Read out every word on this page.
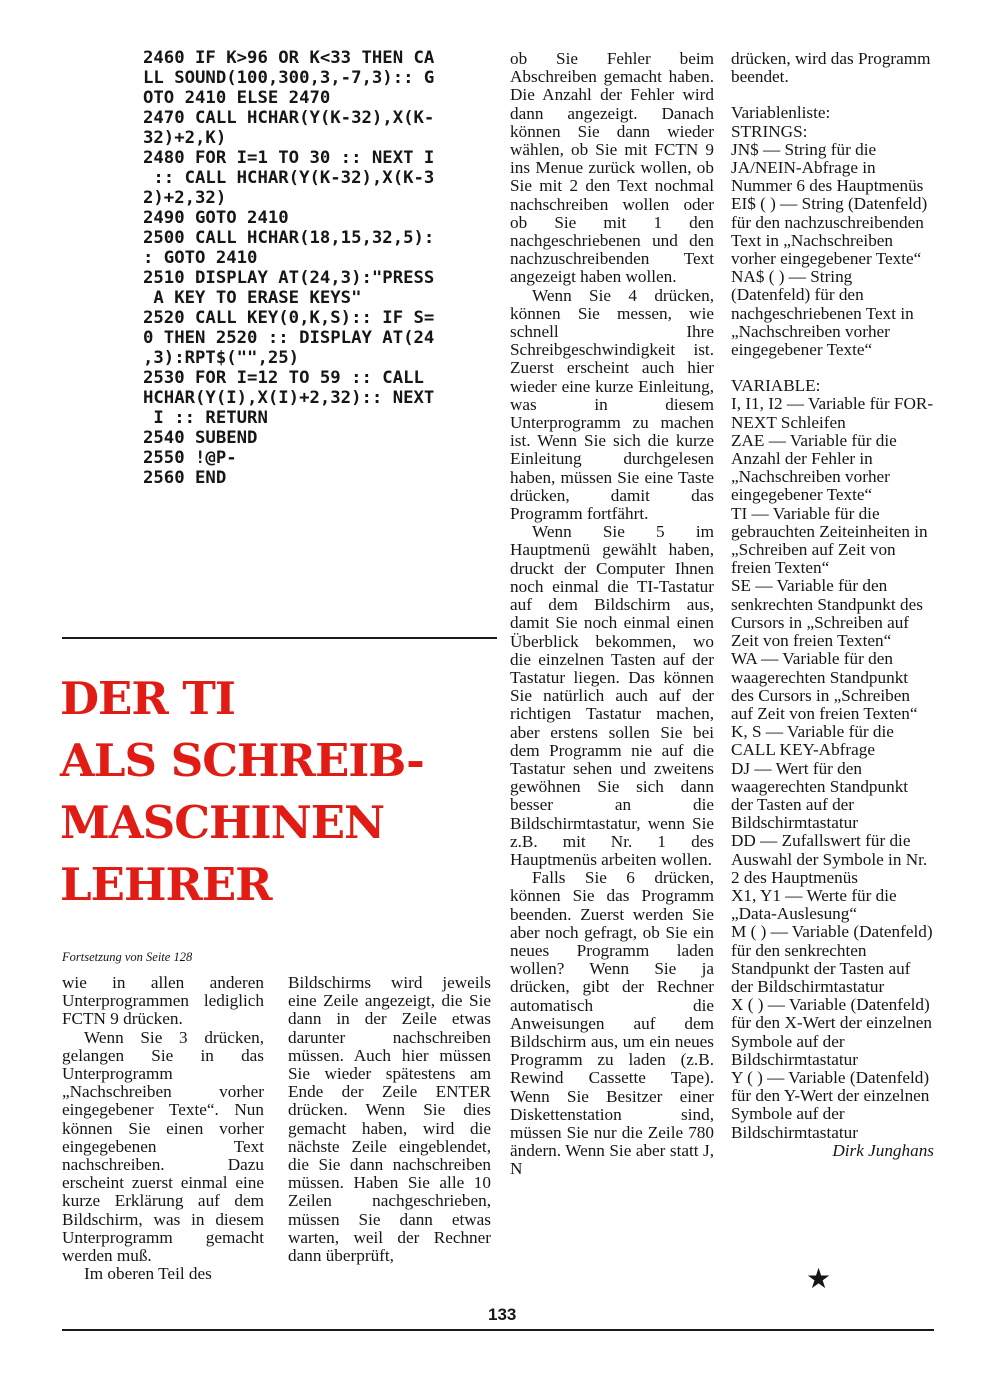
2460 IF K>96 OR K<33 THEN CA

LL SOUND(100,300,3,-7,3):: G

OTO 2410 ELSE 2470

2470 CALL HCHAR(Y(K-32),X(K-

32)+2,K)

2480 FOR I=1 TO 30 :: NEXT I

:: CALL HCHAR(Y(K-32),X(K-3

2)+2,32)

2490 GOTO 2410

2500 CALL HCHAR(18,15,32,5):

: GOTO 2410

2510 DISPLAY AT(24,3):"PRESS

A KEY TO ERASE KEYS"

2520 CALL KEY(0,K,S):: IF S=

0 THEN 2520 :: DISPLAY AT(24

,3):RPT$("",25)

2530 FOR I=12 TO 59 :: CALL

HCHAR(Y(I),X(I)+2,32):: NEXT

I :: RETURN

2540 SUBEND

2550 !@P-

2560 END

DER TI
ALS SCHREIB-
MASCHINEN
LEHRER
Fortsetzung von Seite 128

wie in allen anderen Unterprogrammen lediglich FCTN 9 drücken.

Wenn Sie 3 drücken, gelangen Sie in das Unterprogramm „Nachschreiben vorher eingegebener Texte“. Nun können Sie einen vorher eingegebenen Text nachschreiben. Dazu erscheint zuerst einmal eine kurze Erklärung auf dem Bildschirm, was in diesem Unterprogramm gemacht werden muß.

Im oberen Teil des

Bildschirms wird jeweils eine Zeile angezeigt, die Sie dann in der Zeile etwas darunter nachschreiben müssen. Auch hier müssen Sie wieder spätestens am Ende der Zeile ENTER drücken. Wenn Sie dies gemacht haben, wird die nächste Zeile eingeblendet, die Sie dann nachschreiben müssen. Haben Sie alle 10 Zeilen nachgeschrieben, müssen Sie dann etwas warten, weil der Rechner dann überprüft,

ob Sie Fehler beim Abschreiben gemacht haben. Die Anzahl der Fehler wird dann angezeigt. Danach können Sie dann wieder wählen, ob Sie mit FCTN 9 ins Menue zurück wollen, ob Sie mit 2 den Text nochmal nachschreiben wollen oder ob Sie mit 1 den nachgeschriebenen und den nachzuschreibenden Text angezeigt haben wollen.

Wenn Sie 4 drücken, können Sie messen, wie schnell Ihre Schreibgeschwindigkeit ist. Zuerst erscheint auch hier wieder eine kurze Einleitung, was in diesem Unterprogramm zu machen ist. Wenn Sie sich die kurze Einleitung durchgelesen haben, müssen Sie eine Taste drücken, damit das Programm fortfährt.

Wenn Sie 5 im Hauptmenü gewählt haben, druckt der Computer Ihnen noch einmal die TI-Tastatur auf dem Bildschirm aus, damit Sie noch einmal einen Überblick bekommen, wo die einzelnen Tasten auf der Tastatur liegen. Das können Sie natürlich auch auf der richtigen Tastatur machen, aber erstens sollen Sie bei dem Programm nie auf die Tastatur sehen und zweitens gewöhnen Sie sich dann besser an die Bildschirmtastatur, wenn Sie z.B. mit Nr. 1 des Hauptmenüs arbeiten wollen.

Falls Sie 6 drücken, können Sie das Programm beenden. Zuerst werden Sie aber noch gefragt, ob Sie ein neues Programm laden wollen? Wenn Sie ja drücken, gibt der Rechner automatisch die Anweisungen auf dem Bildschirm aus, um ein neues Programm zu laden (z.B. Rewind Cassette Tape). Wenn Sie Besitzer einer Diskettenstation sind, müssen Sie nur die Zeile 780 ändern. Wenn Sie aber statt J, N

drücken, wird das Programm beendet.

Variablenliste:

STRINGS:

JN$ — String für die JA/NEIN-Abfrage in Nummer 6 des Hauptmenüs

EI$ ( ) — String (Datenfeld) für den nachzuschreibenden Text in „Nachschreiben vorher eingegebener Texte“

NA$ ( ) — String (Datenfeld) für den nachgeschriebenen Text in „Nachschreiben vorher eingegebener Texte“

VARIABLE:

I, I1, I2 — Variable für FOR-NEXT Schleifen

ZAE — Variable für die Anzahl der Fehler in „Nachschreiben vorher eingegebener Texte“

TI — Variable für die gebrauchten Zeiteinheiten in „Schreiben auf Zeit von freien Texten“

SE — Variable für den senkrechten Standpunkt des Cursors in „Schreiben auf Zeit von freien Texten“

WA — Variable für den waagerechten Standpunkt des Cursors in „Schreiben auf Zeit von freien Texten“

K, S — Variable für die CALL KEY-Abfrage

DJ — Wert für den waagerechten Standpunkt der Tasten auf der Bildschirmtastatur

DD — Zufallswert für die Auswahl der Symbole in Nr. 2 des Hauptmenüs

X1, Y1 — Werte für die „Data-Auslesung“

M ( ) — Variable (Datenfeld) für den senkrechten Standpunkt der Tasten auf der Bildschirmtastatur

X ( ) — Variable (Datenfeld) für den X-Wert der einzelnen Symbole auf der Bildschirmtastatur

Y ( ) — Variable (Datenfeld) für den Y-Wert der einzelnen Symbole auf der Bildschirmtastatur

Dirk Junghans

★
133
